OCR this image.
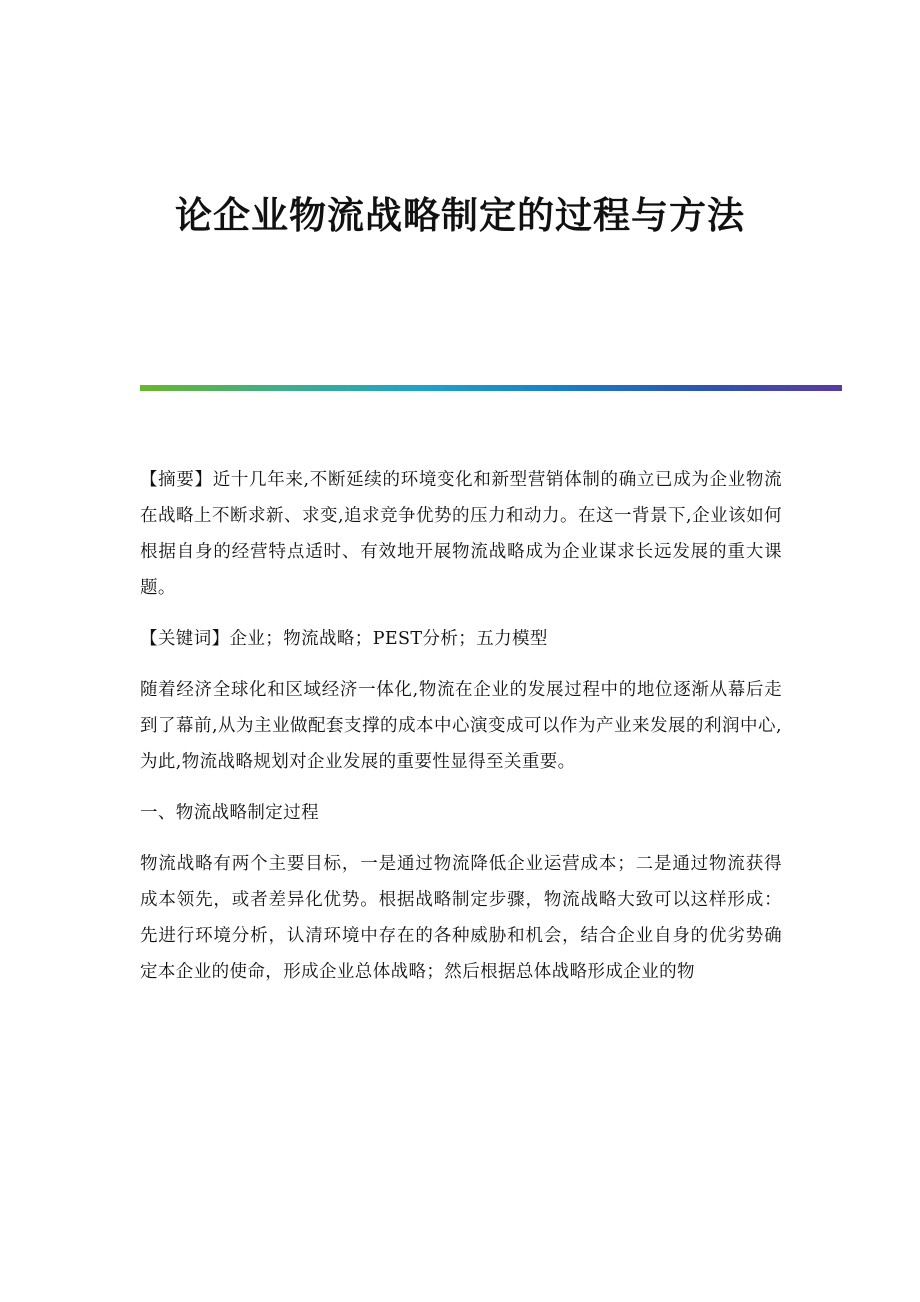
论企业物流战略制定的过程与方法

【摘要】近十几年来,不断延续的环境变化和新型营销体制的确立已成为企业物流在战略上不断求新、求变,追求竞争优势的压力和动力。在这一背景下,企业该如何根据自身的经营特点适时、有效地开展物流战略成为企业谋求长远发展的重大课题。

【关键词】企业；物流战略；PEST分析；五力模型

随着经济全球化和区域经济一体化,物流在企业的发展过程中的地位逐渐从幕后走到了幕前,从为主业做配套支撑的成本中心演变成可以作为产业来发展的利润中心,为此,物流战略规划对企业发展的重要性显得至关重要。

一、物流战略制定过程

物流战略有两个主要目标，一是通过物流降低企业运营成本；二是通过物流获得成本领先，或者差异化优势。根据战略制定步骤，物流战略大致可以这样形成：先进行环境分析，认清环境中存在的各种威胁和机会，结合企业自身的优劣势确定本企业的使命，形成企业总体战略；然后根据总体战略形成企业的物
